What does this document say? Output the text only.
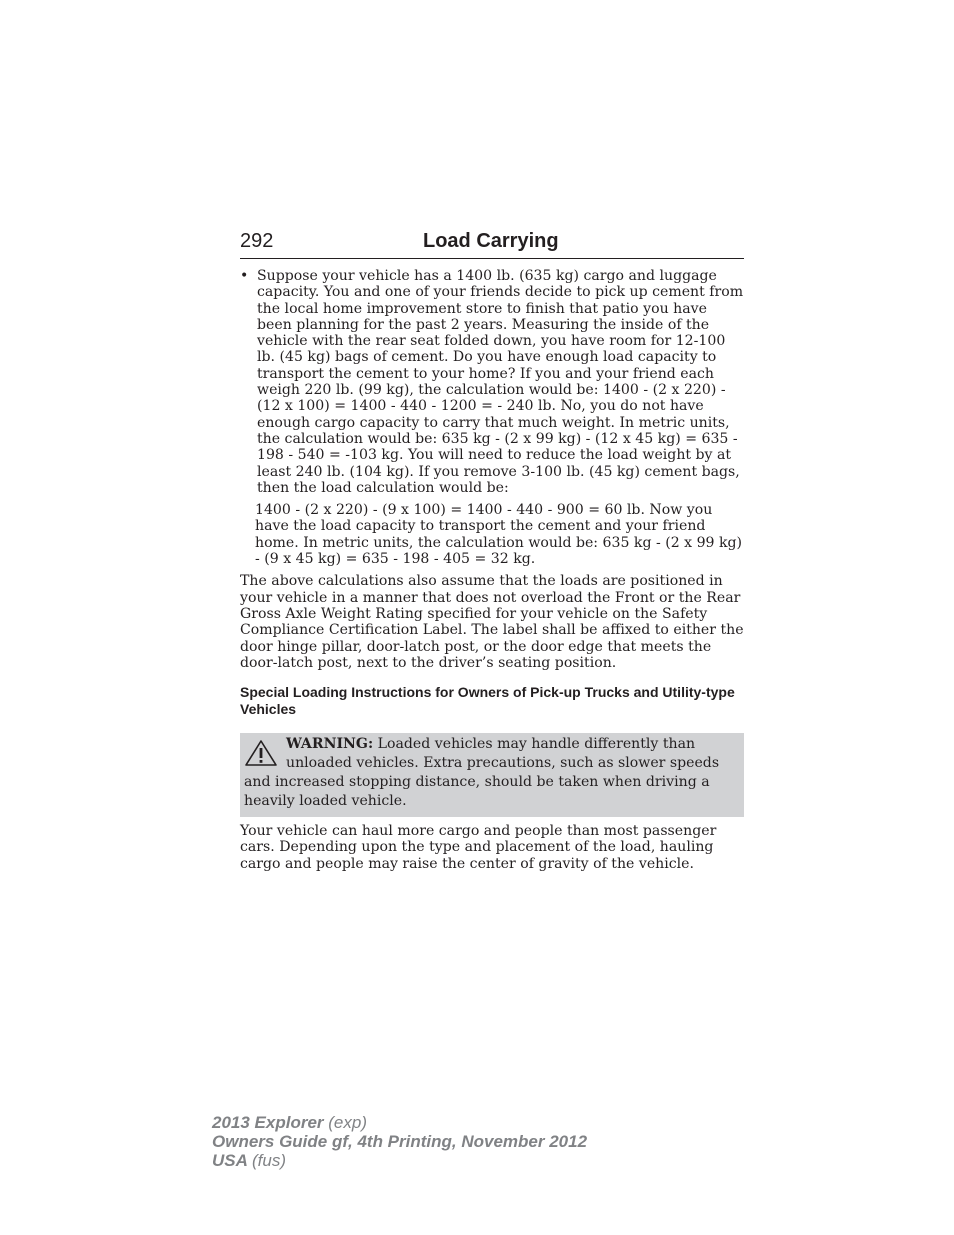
292	Load Carrying
• Suppose your vehicle has a 1400 lb. (635 kg) cargo and luggage capacity. You and one of your friends decide to pick up cement from the local home improvement store to finish that patio you have been planning for the past 2 years. Measuring the inside of the vehicle with the rear seat folded down, you have room for 12-100 lb. (45 kg) bags of cement. Do you have enough load capacity to transport the cement to your home? If you and your friend each weigh 220 lb. (99 kg), the calculation would be: 1400 - (2 x 220) - (12 x 100) = 1400 - 440 - 1200 = - 240 lb. No, you do not have enough cargo capacity to carry that much weight. In metric units, the calculation would be: 635 kg - (2 x 99 kg) - (12 x 45 kg) = 635 - 198 - 540 = -103 kg. You will need to reduce the load weight by at least 240 lb. (104 kg). If you remove 3-100 lb. (45 kg) cement bags, then the load calculation would be:

1400 - (2 x 220) - (9 x 100) = 1400 - 440 - 900 = 60 lb. Now you have the load capacity to transport the cement and your friend home. In metric units, the calculation would be: 635 kg - (2 x 99 kg) - (9 x 45 kg) = 635 - 198 - 405 = 32 kg.

The above calculations also assume that the loads are positioned in your vehicle in a manner that does not overload the Front or the Rear Gross Axle Weight Rating specified for your vehicle on the Safety Compliance Certification Label. The label shall be affixed to either the door hinge pillar, door-latch post, or the door edge that meets the door-latch post, next to the driver’s seating position.

Special Loading Instructions for Owners of Pick-up Trucks and Utility-type Vehicles
WARNING: Loaded vehicles may handle differently than unloaded vehicles. Extra precautions, such as slower speeds and increased stopping distance, should be taken when driving a heavily loaded vehicle.

Your vehicle can haul more cargo and people than most passenger cars. Depending upon the type and placement of the load, hauling cargo and people may raise the center of gravity of the vehicle.

2013 Explorer (exp)
Owners Guide gf, 4th Printing, November 2012
USA (fus)
